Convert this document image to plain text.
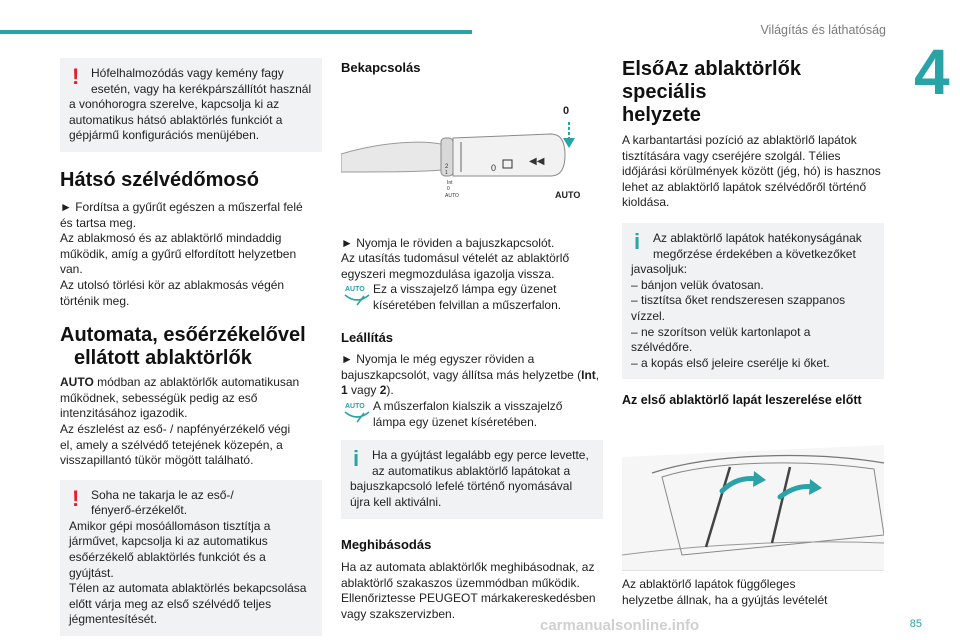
Világítás és láthatóság
4
! Hófelhalmozódás vagy kemény fagy

esetén, vagy ha kerékpárszállítót használ

a vonóhorogra szerelve, kapcsolja ki az

automatikus hátsó ablaktörlés funkciót a

gépjármű konfigurációs menüjében.

Hátsó szélvédőmosó

► Fordítsa a gyűrűt egészen a műszerfal felé

és tartsa meg.

Az ablakmosó és az ablaktörlő mindaddig

működik, amíg a gyűrű elfordított helyzetben

van.

Az utolsó törlési kör az ablakmosás végén

történik meg.

Automata, esőérzékelővel
ellátott ablaktörlők

AUTO módban az ablaktörlők automatikusan

működnek, sebességük pedig az eső

intenzitásához igazodik.

Az észlelést az eső- / napfényérzékelő végi

el, amely a szélvédő tetejének közepén, a

visszapillantó tükör mögött található.

! Soha ne takarja le az eső-/

fényerő-érzékelőt.

Amikor gépi mosóállomáson tisztítja a

járművet, kapcsolja ki az automatikus

esőérzékelő ablaktörlés funkciót és a gyújtást.

Télen az automata ablaktörlés bekapcsolása

előtt várja meg az első szélvédő teljes

jégmentesítését.

Bekapcsolás
2
1
Int
0
AUTO
0
◀◀
0
AUTO

► Nyomja le röviden a bajuszkapcsolót.

Az utasítás tudomásul vételét az ablaktörlő

egyszeri megmozdulása igazolja vissza.

AUTO Ez a visszajelző lámpa egy üzenet

kíséretében felvillan a műszerfalon.

Leállítás

► Nyomja le még egyszer röviden a

bajuszkapcsolót, vagy állítsa más helyzetbe (Int,

1 vagy 2).

AUTO A műszerfalon kialszik a visszajelző

lámpa egy üzenet kíséretében.

i	Ha a gyújtást legalább egy perce levette,

az automatikus ablaktörlő lapátokat a

bajuszkapcsoló lefelé történő nyomásával

újra kell aktiválni.

Meghibásodás

Ha az automata ablaktörlők meghibásodnak, az

ablaktörlő szakaszos üzemmódban működik.

Ellenőriztesse PEUGEOT márkakereskedésben

vagy szakszervizben.

ElsőAz ablaktörlők speciális
helyzete

A karbantartási pozíció az ablaktörlő lapátok

tisztítására vagy cseréjére szolgál. Télies

időjárási körülmények között (jég, hó) is hasznos

lehet az ablaktörlő lapátok szélvédőről történő

kioldása.

i	Az ablaktörlő lapátok hatékonyságának

megőrzése érdekében a következőket

javasoljuk:

– bánjon velük óvatosan.

– tisztítsa őket rendszeresen szappanos

vízzel.

– ne szorítson velük kartonlapot a

szélvédőre.

– a kopás első jeleire cserélje ki őket.

Az első ablaktörlő lapát leszerelése előtt

Az ablaktörlő lapátok függőleges

helyzetbe állnak, ha a gyújtás levételét

85
carmanualsonline.info
